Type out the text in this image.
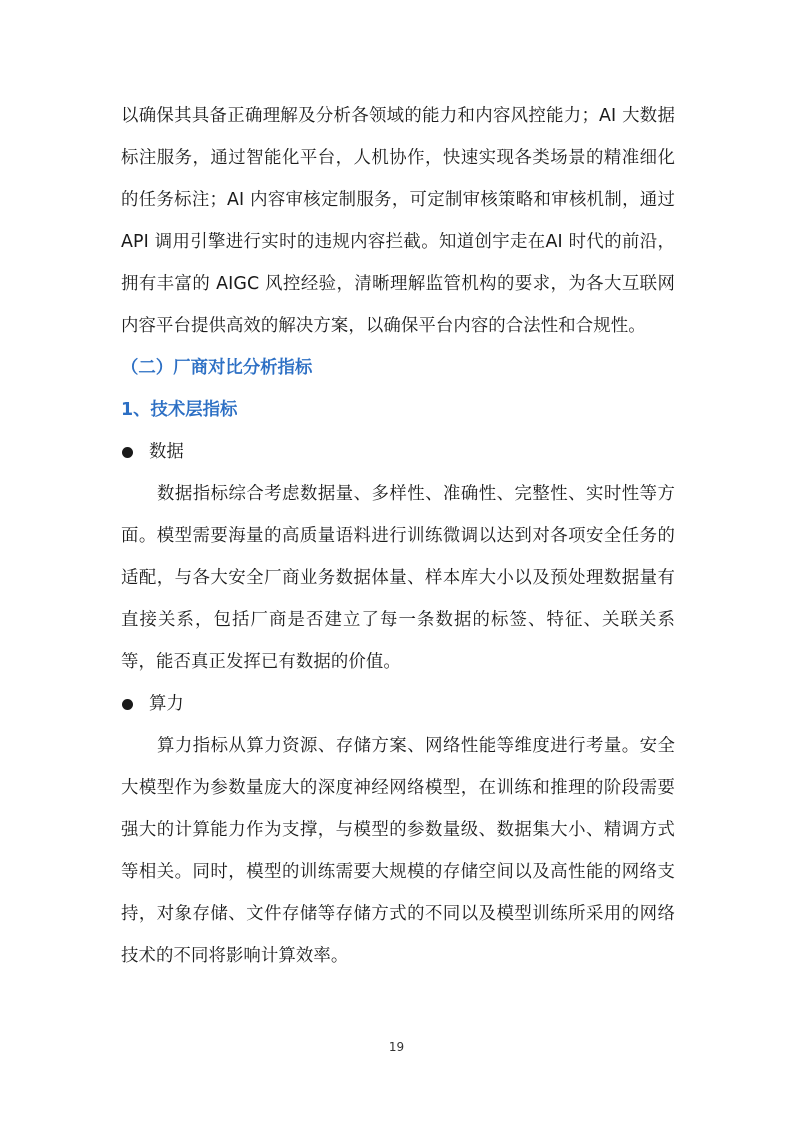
以确保其具备正确理解及分析各领域的能力和内容风控能力；AI 大数据标注服务，通过智能化平台，人机协作，快速实现各类场景的精准细化的任务标注；AI 内容审核定制服务，可定制审核策略和审核机制，通过 API 调用引擎进行实时的违规内容拦截。知道创宇走在AI 时代的前沿，拥有丰富的 AIGC 风控经验，清晰理解监管机构的要求，为各大互联网内容平台提供高效的解决方案，以确保平台内容的合法性和合规性。

（二）厂商对比分析指标

1、技术层指标

数据

数据指标综合考虑数据量、多样性、准确性、完整性、实时性等方面。模型需要海量的高质量语料进行训练微调以达到对各项安全任务的适配，与各大安全厂商业务数据体量、样本库大小以及预处理数据量有直接关系，包括厂商是否建立了每一条数据的标签、特征、关联关系等，能否真正发挥已有数据的价值。

算力

算力指标从算力资源、存储方案、网络性能等维度进行考量。安全大模型作为参数量庞大的深度神经网络模型，在训练和推理的阶段需要强大的计算能力作为支撑，与模型的参数量级、数据集大小、精调方式等相关。同时，模型的训练需要大规模的存储空间以及高性能的网络支持，对象存储、文件存储等存储方式的不同以及模型训练所采用的网络技术的不同将影响计算效率。

19
